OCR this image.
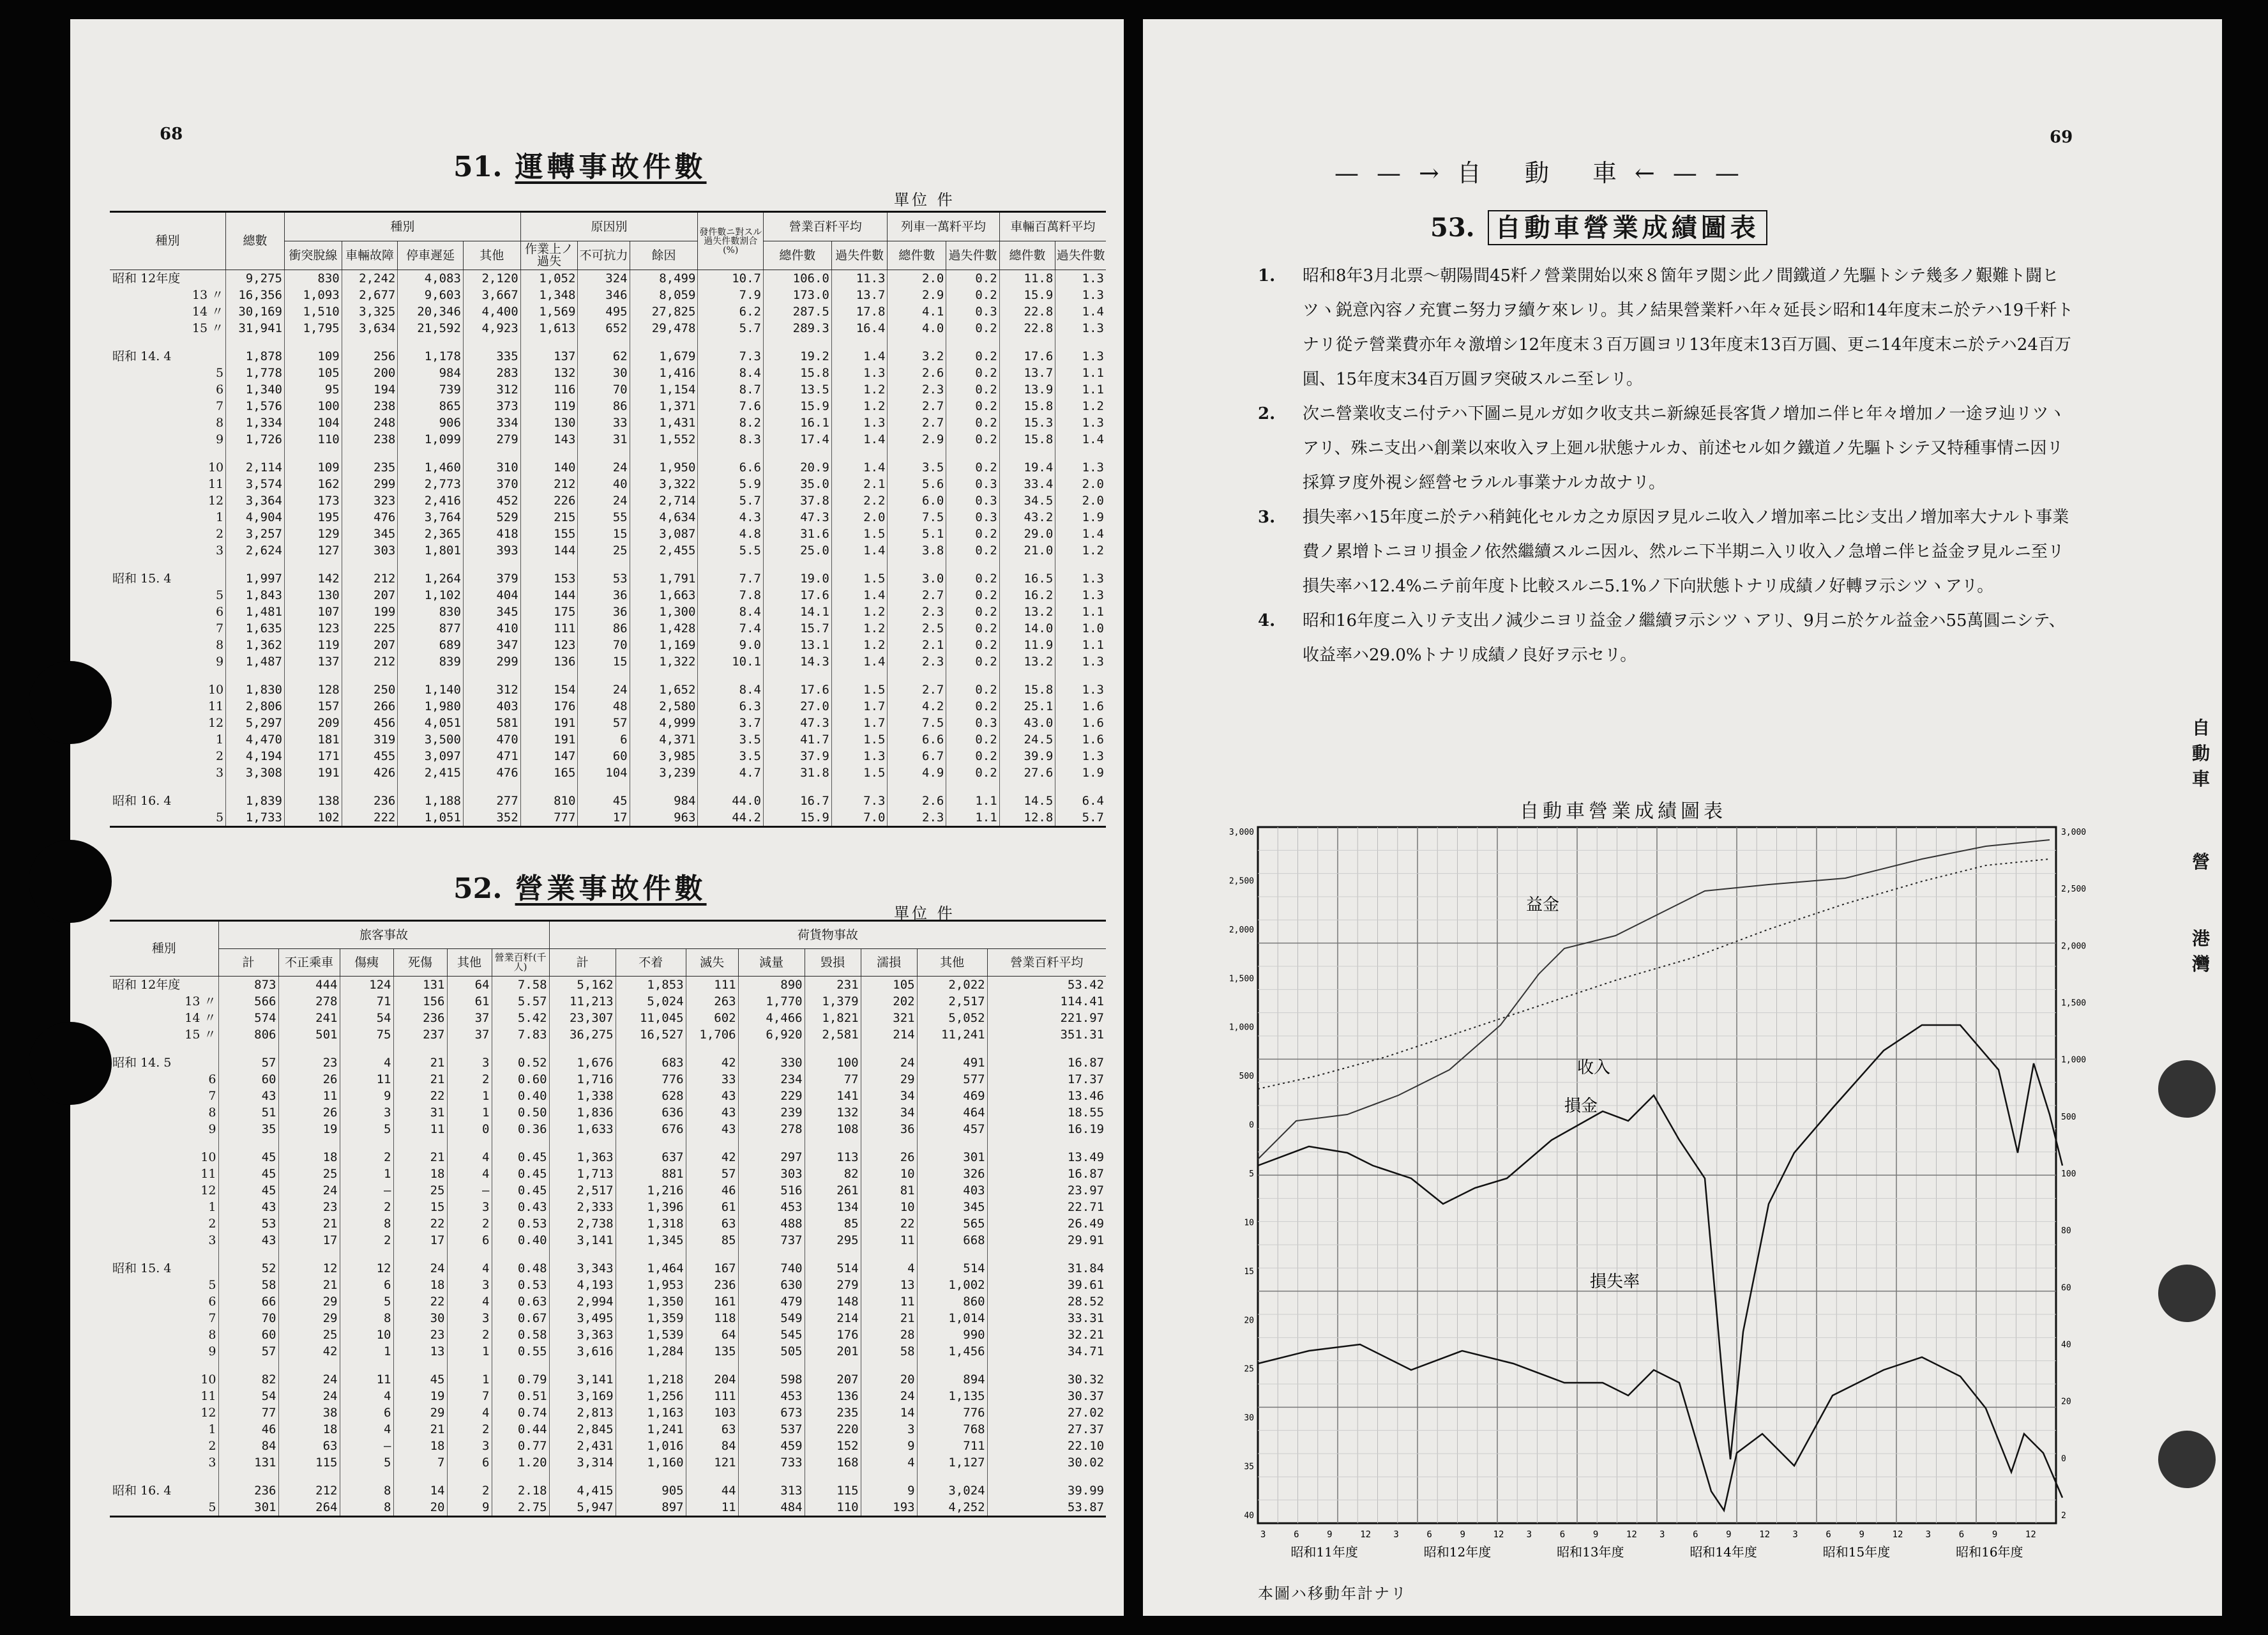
68
51. 運轉事故件數
單位 件
種別	總數	種別				原因別			發件數ニ對スル過失件數割合(%)	營業百粁平均		列車一萬粁平均		車輛百萬粁平均	
		衝突脫線	車輛故障	停車遲延	其他	作業上ノ過失	不可抗力	餘因		總件數	過失件數	總件數	過失件數	總件數	過失件數
昭和 12年度	9,275	830	2,242	4,083	2,120	1,052	324	8,499	10.7	106.0	11.3	2.0	0.2	11.8	1.3
13 〃	16,356	1,093	2,677	9,603	3,667	1,348	346	8,059	7.9	173.0	13.7	2.9	0.2	15.9	1.3
14 〃	30,169	1,510	3,325	20,346	4,400	1,569	495	27,825	6.2	287.5	17.8	4.1	0.3	22.8	1.4
15 〃	31,941	1,795	3,634	21,592	4,923	1,613	652	29,478	5.7	289.3	16.4	4.0	0.2	22.8	1.3
昭和 14. 4	1,878	109	256	1,178	335	137	62	1,679	7.3	19.2	1.4	3.2	0.2	17.6	1.3
5	1,778	105	200	984	283	132	30	1,416	8.4	15.8	1.3	2.6	0.2	13.7	1.1
6	1,340	95	194	739	312	116	70	1,154	8.7	13.5	1.2	2.3	0.2	13.9	1.1
7	1,576	100	238	865	373	119	86	1,371	7.6	15.9	1.2	2.7	0.2	15.8	1.2
8	1,334	104	248	906	334	130	33	1,431	8.2	16.1	1.3	2.7	0.2	15.3	1.3
9	1,726	110	238	1,099	279	143	31	1,552	8.3	17.4	1.4	2.9	0.2	15.8	1.4
10	2,114	109	235	1,460	310	140	24	1,950	6.6	20.9	1.4	3.5	0.2	19.4	1.3
11	3,574	162	299	2,773	370	212	40	3,322	5.9	35.0	2.1	5.6	0.3	33.4	2.0
12	3,364	173	323	2,416	452	226	24	2,714	5.7	37.8	2.2	6.0	0.3	34.5	2.0
1	4,904	195	476	3,764	529	215	55	4,634	4.3	47.3	2.0	7.5	0.3	43.2	1.9
2	3,257	129	345	2,365	418	155	15	3,087	4.8	31.6	1.5	5.1	0.2	29.0	1.4
3	2,624	127	303	1,801	393	144	25	2,455	5.5	25.0	1.4	3.8	0.2	21.0	1.2
昭和 15. 4	1,997	142	212	1,264	379	153	53	1,791	7.7	19.0	1.5	3.0	0.2	16.5	1.3
5	1,843	130	207	1,102	404	144	36	1,663	7.8	17.6	1.4	2.7	0.2	16.2	1.3
6	1,481	107	199	830	345	175	36	1,300	8.4	14.1	1.2	2.3	0.2	13.2	1.1
7	1,635	123	225	877	410	111	86	1,428	7.4	15.7	1.2	2.5	0.2	14.0	1.0
8	1,362	119	207	689	347	123	70	1,169	9.0	13.1	1.2	2.1	0.2	11.9	1.1
9	1,487	137	212	839	299	136	15	1,322	10.1	14.3	1.4	2.3	0.2	13.2	1.3
10	1,830	128	250	1,140	312	154	24	1,652	8.4	17.6	1.5	2.7	0.2	15.8	1.3
11	2,806	157	266	1,980	403	176	48	2,580	6.3	27.0	1.7	4.2	0.2	25.1	1.6
12	5,297	209	456	4,051	581	191	57	4,999	3.7	47.3	1.7	7.5	0.3	43.0	1.6
1	4,470	181	319	3,500	470	191	6	4,371	3.5	41.7	1.5	6.6	0.2	24.5	1.6
2	4,194	171	455	3,097	471	147	60	3,985	3.5	37.9	1.3	6.7	0.2	39.9	1.3
3	3,308	191	426	2,415	476	165	104	3,239	4.7	31.8	1.5	4.9	0.2	27.6	1.9
昭和 16. 4	1,839	138	236	1,188	277	810	45	984	44.0	16.7	7.3	2.6	1.1	14.5	6.4
5	1,733	102	222	1,051	352	777	17	963	44.2	15.9	7.0	2.3	1.1	12.8	5.7
52. 營業事故件數
單位 件
種別	旅客事故						荷貨物事故							
	計	不正乘車	傷痍	死傷	其他	營業百粁(千人)	計	不着	滅失	減量	毀損	濡損	其他	營業百粁平均
昭和 12年度	873	444	124	131	64	7.58	5,162	1,853	111	890	231	105	2,022	53.42
13 〃	566	278	71	156	61	5.57	11,213	5,024	263	1,770	1,379	202	2,517	114.41
14 〃	574	241	54	236	37	5.42	23,307	11,045	602	4,466	1,821	321	5,052	221.97
15 〃	806	501	75	237	37	7.83	36,275	16,527	1,706	6,920	2,581	214	11,241	351.31
昭和 14. 5	57	23	4	21	3	0.52	1,676	683	42	330	100	24	491	16.87
6	60	26	11	21	2	0.60	1,716	776	33	234	77	29	577	17.37
7	43	11	9	22	1	0.40	1,338	628	43	229	141	34	469	13.46
8	51	26	3	31	1	0.50	1,836	636	43	239	132	34	464	18.55
9	35	19	5	11	0	0.36	1,633	676	43	278	108	36	457	16.19
10	45	18	2	21	4	0.45	1,363	637	42	297	113	26	301	13.49
11	45	25	1	18	4	0.45	1,713	881	57	303	82	10	326	16.87
12	45	24	—	25	—	0.45	2,517	1,216	46	516	261	81	403	23.97
1	43	23	2	15	3	0.43	2,333	1,396	61	453	134	10	345	22.71
2	53	21	8	22	2	0.53	2,738	1,318	63	488	85	22	565	26.49
3	43	17	2	17	6	0.40	3,141	1,345	85	737	295	11	668	29.91
昭和 15. 4	52	12	12	24	4	0.48	3,343	1,464	167	740	514	4	514	31.84
5	58	21	6	18	3	0.53	4,193	1,953	236	630	279	13	1,002	39.61
6	66	29	5	22	4	0.63	2,994	1,350	161	479	148	11	860	28.52
7	70	29	8	30	3	0.67	3,495	1,359	118	549	214	21	1,014	33.31
8	60	25	10	23	2	0.58	3,363	1,539	64	545	176	28	990	32.21
9	57	42	1	13	1	0.55	3,616	1,284	135	505	201	58	1,456	34.71
10	82	24	11	45	1	0.79	3,141	1,218	204	598	207	20	894	30.32
11	54	24	4	19	7	0.51	3,169	1,256	111	453	136	24	1,135	30.37
12	77	38	6	29	4	0.74	2,813	1,163	103	673	235	14	776	27.02
1	46	18	4	21	2	0.44	2,845	1,241	63	537	220	3	768	27.37
2	84	63	—	18	3	0.77	2,431	1,016	84	459	152	9	711	22.10
3	131	115	5	7	6	1.20	3,314	1,160	121	733	168	4	1,127	30.02
昭和 16. 4	236	212	8	14	2	2.18	4,415	905	44	313	115	9	3,024	39.99
5	301	264	8	20	9	2.75	5,947	897	11	484	110	193	4,252	53.87
69
——→自 動 車←——
53. 自動車營業成績圖表

1. 昭和8年3月北票～朝陽間45粁ノ營業開始以來８箇年ヲ閲シ此ノ間鐵道ノ先驅トシテ幾多ノ艱難ト闘ヒツヽ鋭意內容ノ充實ニ努力ヲ續ケ來レリ。其ノ結果營業粁ハ年々延長シ昭和14年度末ニ於テハ19千粁トナリ從テ營業費亦年々激増シ12年度末３百万圓ヨリ13年度末13百万圓、更ニ14年度末ニ於テハ24百万圓、15年度末34百万圓ヲ突破スルニ至レリ。

2. 次ニ營業收支ニ付テハ下圖ニ見ルガ如ク收支共ニ新線延長客貨ノ增加ニ伴ヒ年々增加ノ一途ヲ辿リツヽアリ、殊ニ支出ハ創業以來收入ヲ上廻ル狀態ナルカ、前述セル如ク鐵道ノ先驅トシテ又特種事情ニ因リ採算ヲ度外視シ經營セラルル事業ナルカ故ナリ。

3. 損失率ハ15年度ニ於テハ稍鈍化セルカ之カ原因ヲ見ルニ收入ノ增加率ニ比シ支出ノ增加率大ナルト事業費ノ累增トニヨリ損金ノ依然繼續スルニ因ル、然ルニ下半期ニ入リ收入ノ急增ニ伴ヒ益金ヲ見ルニ至リ損失率ハ12.4%ニテ前年度ト比較スルニ5.1%ノ下向狀態トナリ成績ノ好轉ヲ示シツヽアリ。

4. 昭和16年度ニ入リテ支出ノ減少ニヨリ益金ノ繼續ヲ示シツヽアリ、9月ニ於ケル益金ハ55萬圓ニシテ、收益率ハ29.0%トナリ成績ノ良好ヲ示セリ。

自動車營業成績圖表
3,000
2,500
2,000
1,500
1,000
500
0
5
10
15
20
25
30
35
40
3,000
2,500
2,000
1,500
1,000
500
100
80
60
40
20
0
2
3	6	9	12
昭和11年度
3	6	9	12
昭和12年度
3	6	9	12
昭和13年度
3	6	9	12
昭和14年度
3	6	9	12
昭和15年度
3	6	9	12
昭和16年度
收入
損金
損失率
益金
本圖ハ移動年計ナリ
自動車
營
港灣
